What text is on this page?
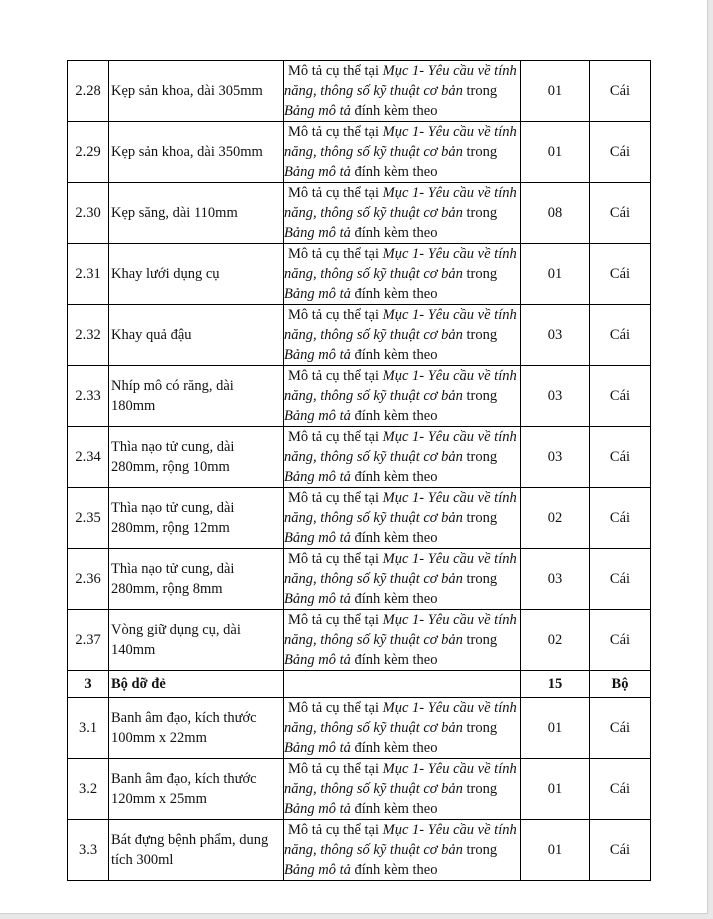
2.28	Kẹp sản khoa, dài 305mm	Mô tả cụ thể tại Mục 1- Yêu cầu về tính
năng, thông số kỹ thuật cơ bản trong
Bảng mô tả đính kèm theo	01	Cái
2.29	Kẹp sản khoa, dài 350mm	Mô tả cụ thể tại Mục 1- Yêu cầu về tính
năng, thông số kỹ thuật cơ bản trong
Bảng mô tả đính kèm theo	01	Cái
2.30	Kẹp săng, dài 110mm	Mô tả cụ thể tại Mục 1- Yêu cầu về tính
năng, thông số kỹ thuật cơ bản trong
Bảng mô tả đính kèm theo	08	Cái
2.31	Khay lưới dụng cụ	Mô tả cụ thể tại Mục 1- Yêu cầu về tính
năng, thông số kỹ thuật cơ bản trong
Bảng mô tả đính kèm theo	01	Cái
2.32	Khay quả đậu	Mô tả cụ thể tại Mục 1- Yêu cầu về tính
năng, thông số kỹ thuật cơ bản trong
Bảng mô tả đính kèm theo	03	Cái
2.33	Nhíp mô có răng, dài 180mm	Mô tả cụ thể tại Mục 1- Yêu cầu về tính
năng, thông số kỹ thuật cơ bản trong
Bảng mô tả đính kèm theo	03	Cái
2.34	Thìa nạo tử cung, dài 280mm, rộng 10mm	Mô tả cụ thể tại Mục 1- Yêu cầu về tính
năng, thông số kỹ thuật cơ bản trong
Bảng mô tả đính kèm theo	03	Cái
2.35	Thìa nạo tử cung, dài 280mm, rộng 12mm	Mô tả cụ thể tại Mục 1- Yêu cầu về tính
năng, thông số kỹ thuật cơ bản trong
Bảng mô tả đính kèm theo	02	Cái
2.36	Thìa nạo tử cung, dài 280mm, rộng 8mm	Mô tả cụ thể tại Mục 1- Yêu cầu về tính
năng, thông số kỹ thuật cơ bản trong
Bảng mô tả đính kèm theo	03	Cái
2.37	Vòng giữ dụng cụ, dài 140mm	Mô tả cụ thể tại Mục 1- Yêu cầu về tính
năng, thông số kỹ thuật cơ bản trong
Bảng mô tả đính kèm theo	02	Cái
3	Bộ dỡ đẻ		15	Bộ
3.1	Banh âm đạo, kích thước 100mm x 22mm	Mô tả cụ thể tại Mục 1- Yêu cầu về tính
năng, thông số kỹ thuật cơ bản trong
Bảng mô tả đính kèm theo	01	Cái
3.2	Banh âm đạo, kích thước 120mm x 25mm	Mô tả cụ thể tại Mục 1- Yêu cầu về tính
năng, thông số kỹ thuật cơ bản trong
Bảng mô tả đính kèm theo	01	Cái
3.3	Bát đựng bệnh phẩm, dung tích 300ml	Mô tả cụ thể tại Mục 1- Yêu cầu về tính
năng, thông số kỹ thuật cơ bản trong
Bảng mô tả đính kèm theo	01	Cái
